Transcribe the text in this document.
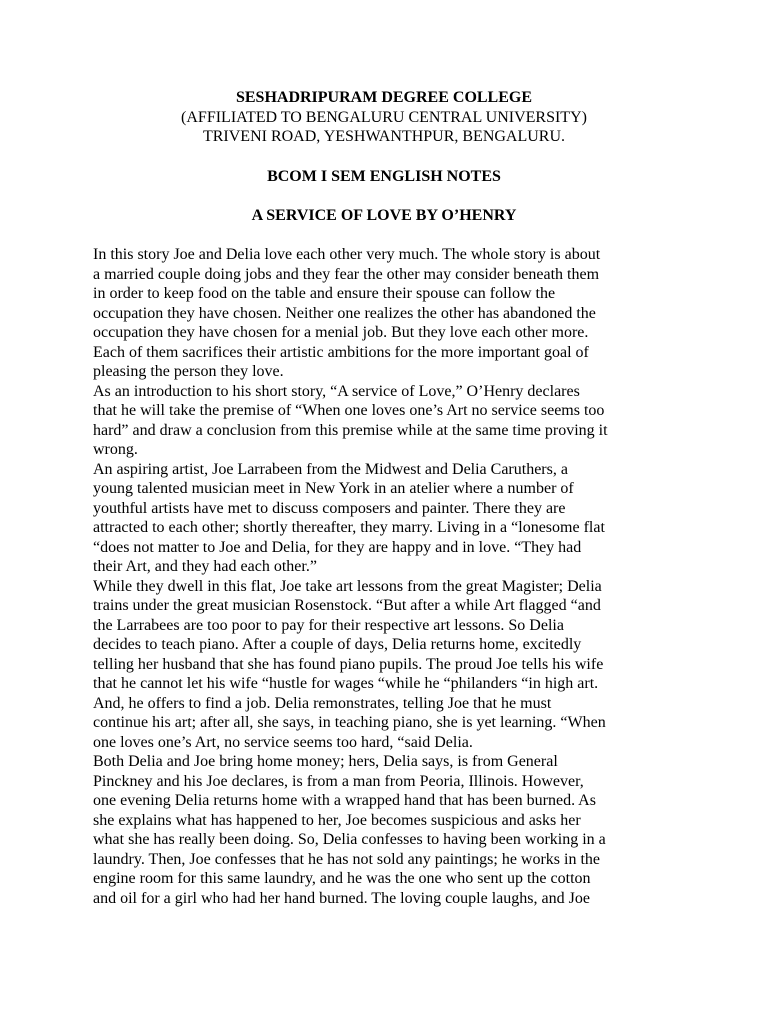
SESHADRIPURAM DEGREE COLLEGE
(AFFILIATED TO BENGALURU CENTRAL UNIVERSITY)
TRIVENI ROAD, YESHWANTHPUR, BENGALURU.
BCOM I SEM ENGLISH NOTES
A SERVICE OF LOVE BY O’HENRY
In this story Joe and Delia love each other very much. The whole story is about
a married couple doing jobs and they fear the other may consider beneath them
in order to keep food on the table and ensure their spouse can follow the
occupation they have chosen. Neither one realizes the other has abandoned the
occupation they have chosen for a menial job. But they love each other more.
Each of them sacrifices their artistic ambitions for the more important goal of
pleasing the person they love.
As an introduction to his short story, “A service of Love,” O’Henry declares
that he will take the premise of “When one loves one’s Art no service seems too
hard” and draw a conclusion from this premise while at the same time proving it
wrong.
An aspiring artist, Joe Larrabeen from the Midwest and Delia Caruthers, a
young talented musician meet in New York in an atelier where a number of
youthful artists have met to discuss composers and painter. There they are
attracted to each other; shortly thereafter, they marry. Living in a “lonesome flat
“does not matter to Joe and Delia, for they are happy and in love. “They had
their Art, and they had each other.”
While they dwell in this flat, Joe take art lessons from the great Magister; Delia
trains under the great musician Rosenstock. “But after a while Art flagged “and
the Larrabees are too poor to pay for their respective art lessons. So Delia
decides to teach piano. After a couple of days, Delia returns home, excitedly
telling her husband that she has found piano pupils. The proud Joe tells his wife
that he cannot let his wife “hustle for wages “while he “philanders “in high art.
And, he offers to find a job. Delia remonstrates, telling Joe that he must
continue his art; after all, she says, in teaching piano, she is yet learning. “When
one loves one’s Art, no service seems too hard, “said Delia.
Both Delia and Joe bring home money; hers, Delia says, is from General
Pinckney and his Joe declares, is from a man from Peoria, Illinois. However,
one evening Delia returns home with a wrapped hand that has been burned. As
she explains what has happened to her, Joe becomes suspicious and asks her
what she has really been doing. So, Delia confesses to having been working in a
laundry. Then, Joe confesses that he has not sold any paintings; he works in the
engine room for this same laundry, and he was the one who sent up the cotton
and oil for a girl who had her hand burned. The loving couple laughs, and Joe
